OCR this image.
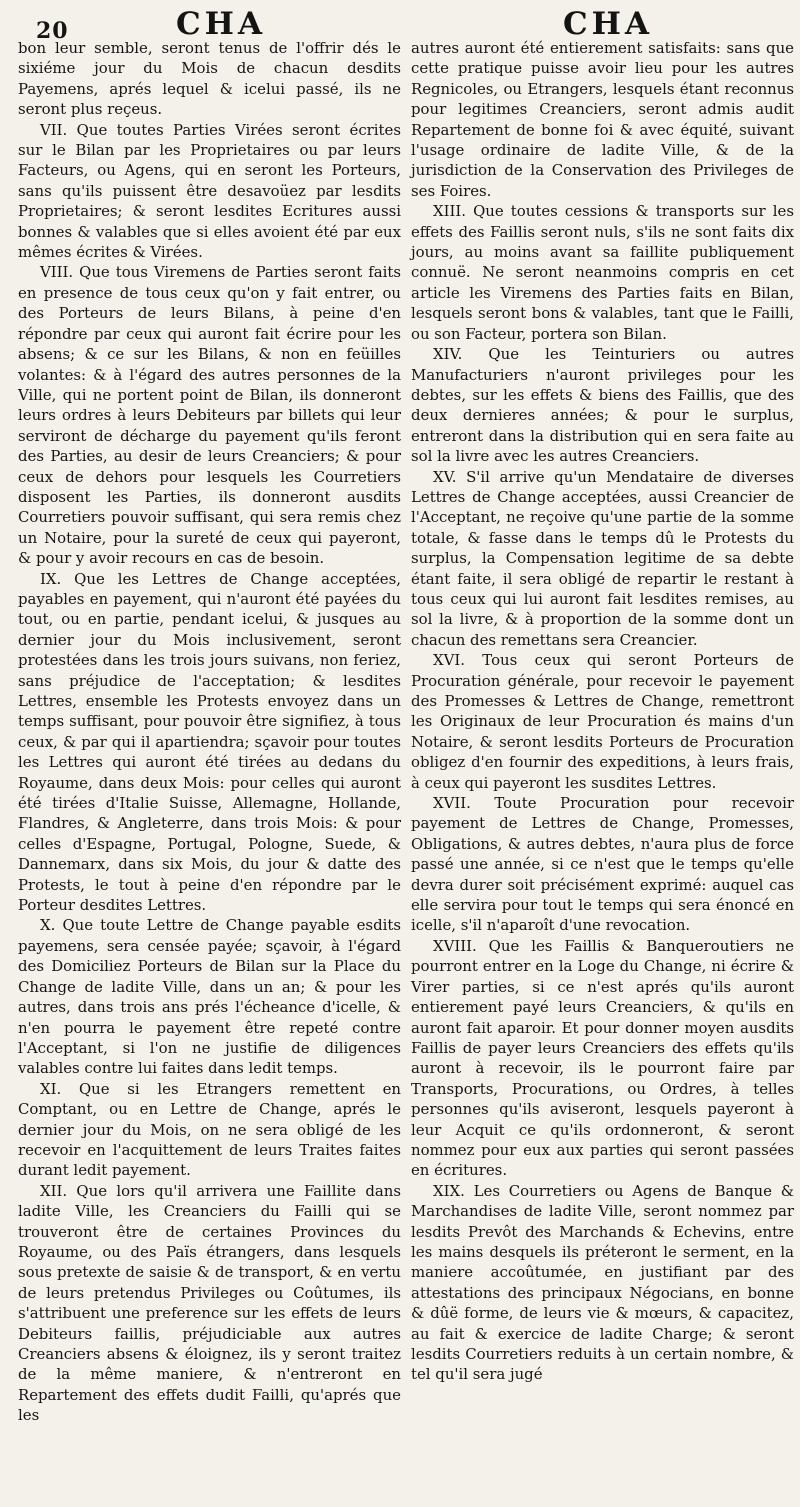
20	CHA	CHA

bon leur semble, seront tenus de l'offrir dés le sixiéme jour du Mois de chacun desdits Payemens, aprés lequel & icelui passé, ils ne seront plus reçeus.

VII. Que toutes Parties Virées seront écrites sur le Bilan par les Proprietaires ou par leurs Facteurs, ou Agens, qui en seront les Porteurs, sans qu'ils puissent être desavoüez par lesdits Proprietaires; & seront lesdites Ecritures aussi bonnes & valables que si elles avoient été par eux mêmes écrites & Virées.

VIII. Que tous Viremens de Parties seront faits en presence de tous ceux qu'on y fait entrer, ou des Porteurs de leurs Bilans, à peine d'en répondre par ceux qui auront fait écrire pour les absens; & ce sur les Bilans, & non en feüilles volantes: & à l'égard des autres personnes de la Ville, qui ne portent point de Bilan, ils donneront leurs ordres à leurs Debiteurs par billets qui leur serviront de décharge du payement qu'ils feront des Parties, au desir de leurs Creanciers; & pour ceux de dehors pour lesquels les Courretiers disposent les Parties, ils donneront ausdits Courretiers pouvoir suffisant, qui sera remis chez un Notaire, pour la sureté de ceux qui payeront, & pour y avoir recours en cas de besoin.

IX. Que les Lettres de Change acceptées, payables en payement, qui n'auront été payées du tout, ou en partie, pendant icelui, & jusques au dernier jour du Mois inclusivement, seront protestées dans les trois jours suivans, non feriez, sans préjudice de l'acceptation; & lesdites Lettres, ensemble les Protests envoyez dans un temps suffisant, pour pouvoir être signifiez, à tous ceux, & par qui il apartiendra; sçavoir pour toutes les Lettres qui auront été tirées au dedans du Royaume, dans deux Mois: pour celles qui auront été tirées d'Italie Suisse, Allemagne, Hollande, Flandres, & Angleterre, dans trois Mois: & pour celles d'Espagne, Portugal, Pologne, Suede, & Dannemarx, dans six Mois, du jour & datte des Protests, le tout à peine d'en répondre par le Porteur desdites Lettres.

X. Que toute Lettre de Change payable esdits payemens, sera censée payée; sçavoir, à l'égard des Domiciliez Porteurs de Bilan sur la Place du Change de ladite Ville, dans un an; & pour les autres, dans trois ans prés l'écheance d'icelle, & n'en pourra le payement être repeté contre l'Acceptant, si l'on ne justifie de diligences valables contre lui faites dans ledit temps.

XI. Que si les Etrangers remettent en Comptant, ou en Lettre de Change, aprés le dernier jour du Mois, on ne sera obligé de les recevoir en l'acquittement de leurs Traites faites durant ledit payement.

XII. Que lors qu'il arrivera une Faillite dans ladite Ville, les Creanciers du Failli qui se trouveront être de certaines Provinces du Royaume, ou des Païs étrangers, dans lesquels sous pretexte de saisie & de transport, & en vertu de leurs pretendus Privileges ou Coûtumes, ils s'attribuent une preference sur les effets de leurs Debiteurs faillis, préjudiciable aux autres Creanciers absens & éloignez, ils y seront traitez de la même maniere, & n'entreront en Repartement des effets dudit Failli, qu'aprés que les

autres auront été entierement satisfaits: sans que cette pratique puisse avoir lieu pour les autres Regnicoles, ou Etrangers, lesquels étant reconnus pour legitimes Creanciers, seront admis audit Repartement de bonne foi & avec équité, suivant l'usage ordinaire de ladite Ville, & de la jurisdiction de la Conservation des Privileges de ses Foires.

XIII. Que toutes cessions & transports sur les effets des Faillis seront nuls, s'ils ne sont faits dix jours, au moins avant sa faillite publiquement connuë. Ne seront neanmoins compris en cet article les Viremens des Parties faits en Bilan, lesquels seront bons & valables, tant que le Failli, ou son Facteur, portera son Bilan.

XIV. Que les Teinturiers ou autres Manufacturiers n'auront privileges pour les debtes, sur les effets & biens des Faillis, que des deux dernieres années; & pour le surplus, entreront dans la distribution qui en sera faite au sol la livre avec les autres Creanciers.

XV. S'il arrive qu'un Mendataire de diverses Lettres de Change acceptées, aussi Creancier de l'Acceptant, ne reçoive qu'une partie de la somme totale, & fasse dans le temps dû le Protests du surplus, la Compensation legitime de sa debte étant faite, il sera obligé de repartir le restant à tous ceux qui lui auront fait lesdites remises, au sol la livre, & à proportion de la somme dont un chacun des remettans sera Creancier.

XVI. Tous ceux qui seront Porteurs de Procuration générale, pour recevoir le payement des Promesses & Lettres de Change, remettront les Originaux de leur Procuration és mains d'un Notaire, & seront lesdits Porteurs de Procuration obligez d'en fournir des expeditions, à leurs frais, à ceux qui payeront les susdites Lettres.

XVII. Toute Procuration pour recevoir payement de Lettres de Change, Promesses, Obligations, & autres debtes, n'aura plus de force passé une année, si ce n'est que le temps qu'elle devra durer soit précisément exprimé: auquel cas elle servira pour tout le temps qui sera énoncé en icelle, s'il n'aparoît d'une revocation.

XVIII. Que les Faillis & Banqueroutiers ne pourront entrer en la Loge du Change, ni écrire & Virer parties, si ce n'est aprés qu'ils auront entierement payé leurs Creanciers, & qu'ils en auront fait aparoir. Et pour donner moyen ausdits Faillis de payer leurs Creanciers des effets qu'ils auront à recevoir, ils le pourront faire par Transports, Procurations, ou Ordres, à telles personnes qu'ils aviseront, lesquels payeront à leur Acquit ce qu'ils ordonneront, & seront nommez pour eux aux parties qui seront passées en écritures.

XIX. Les Courretiers ou Agens de Banque & Marchandises de ladite Ville, seront nommez par lesdits Prevôt des Marchands & Echevins, entre les mains desquels ils préteront le serment, en la maniere accoûtumée, en justifiant par des attestations des principaux Négocians, en bonne & dûë forme, de leurs vie & mœurs, & capacitez, au fait & exercice de ladite Charge; & seront lesdits Courretiers reduits à un certain nombre, & tel qu'il sera jugé
